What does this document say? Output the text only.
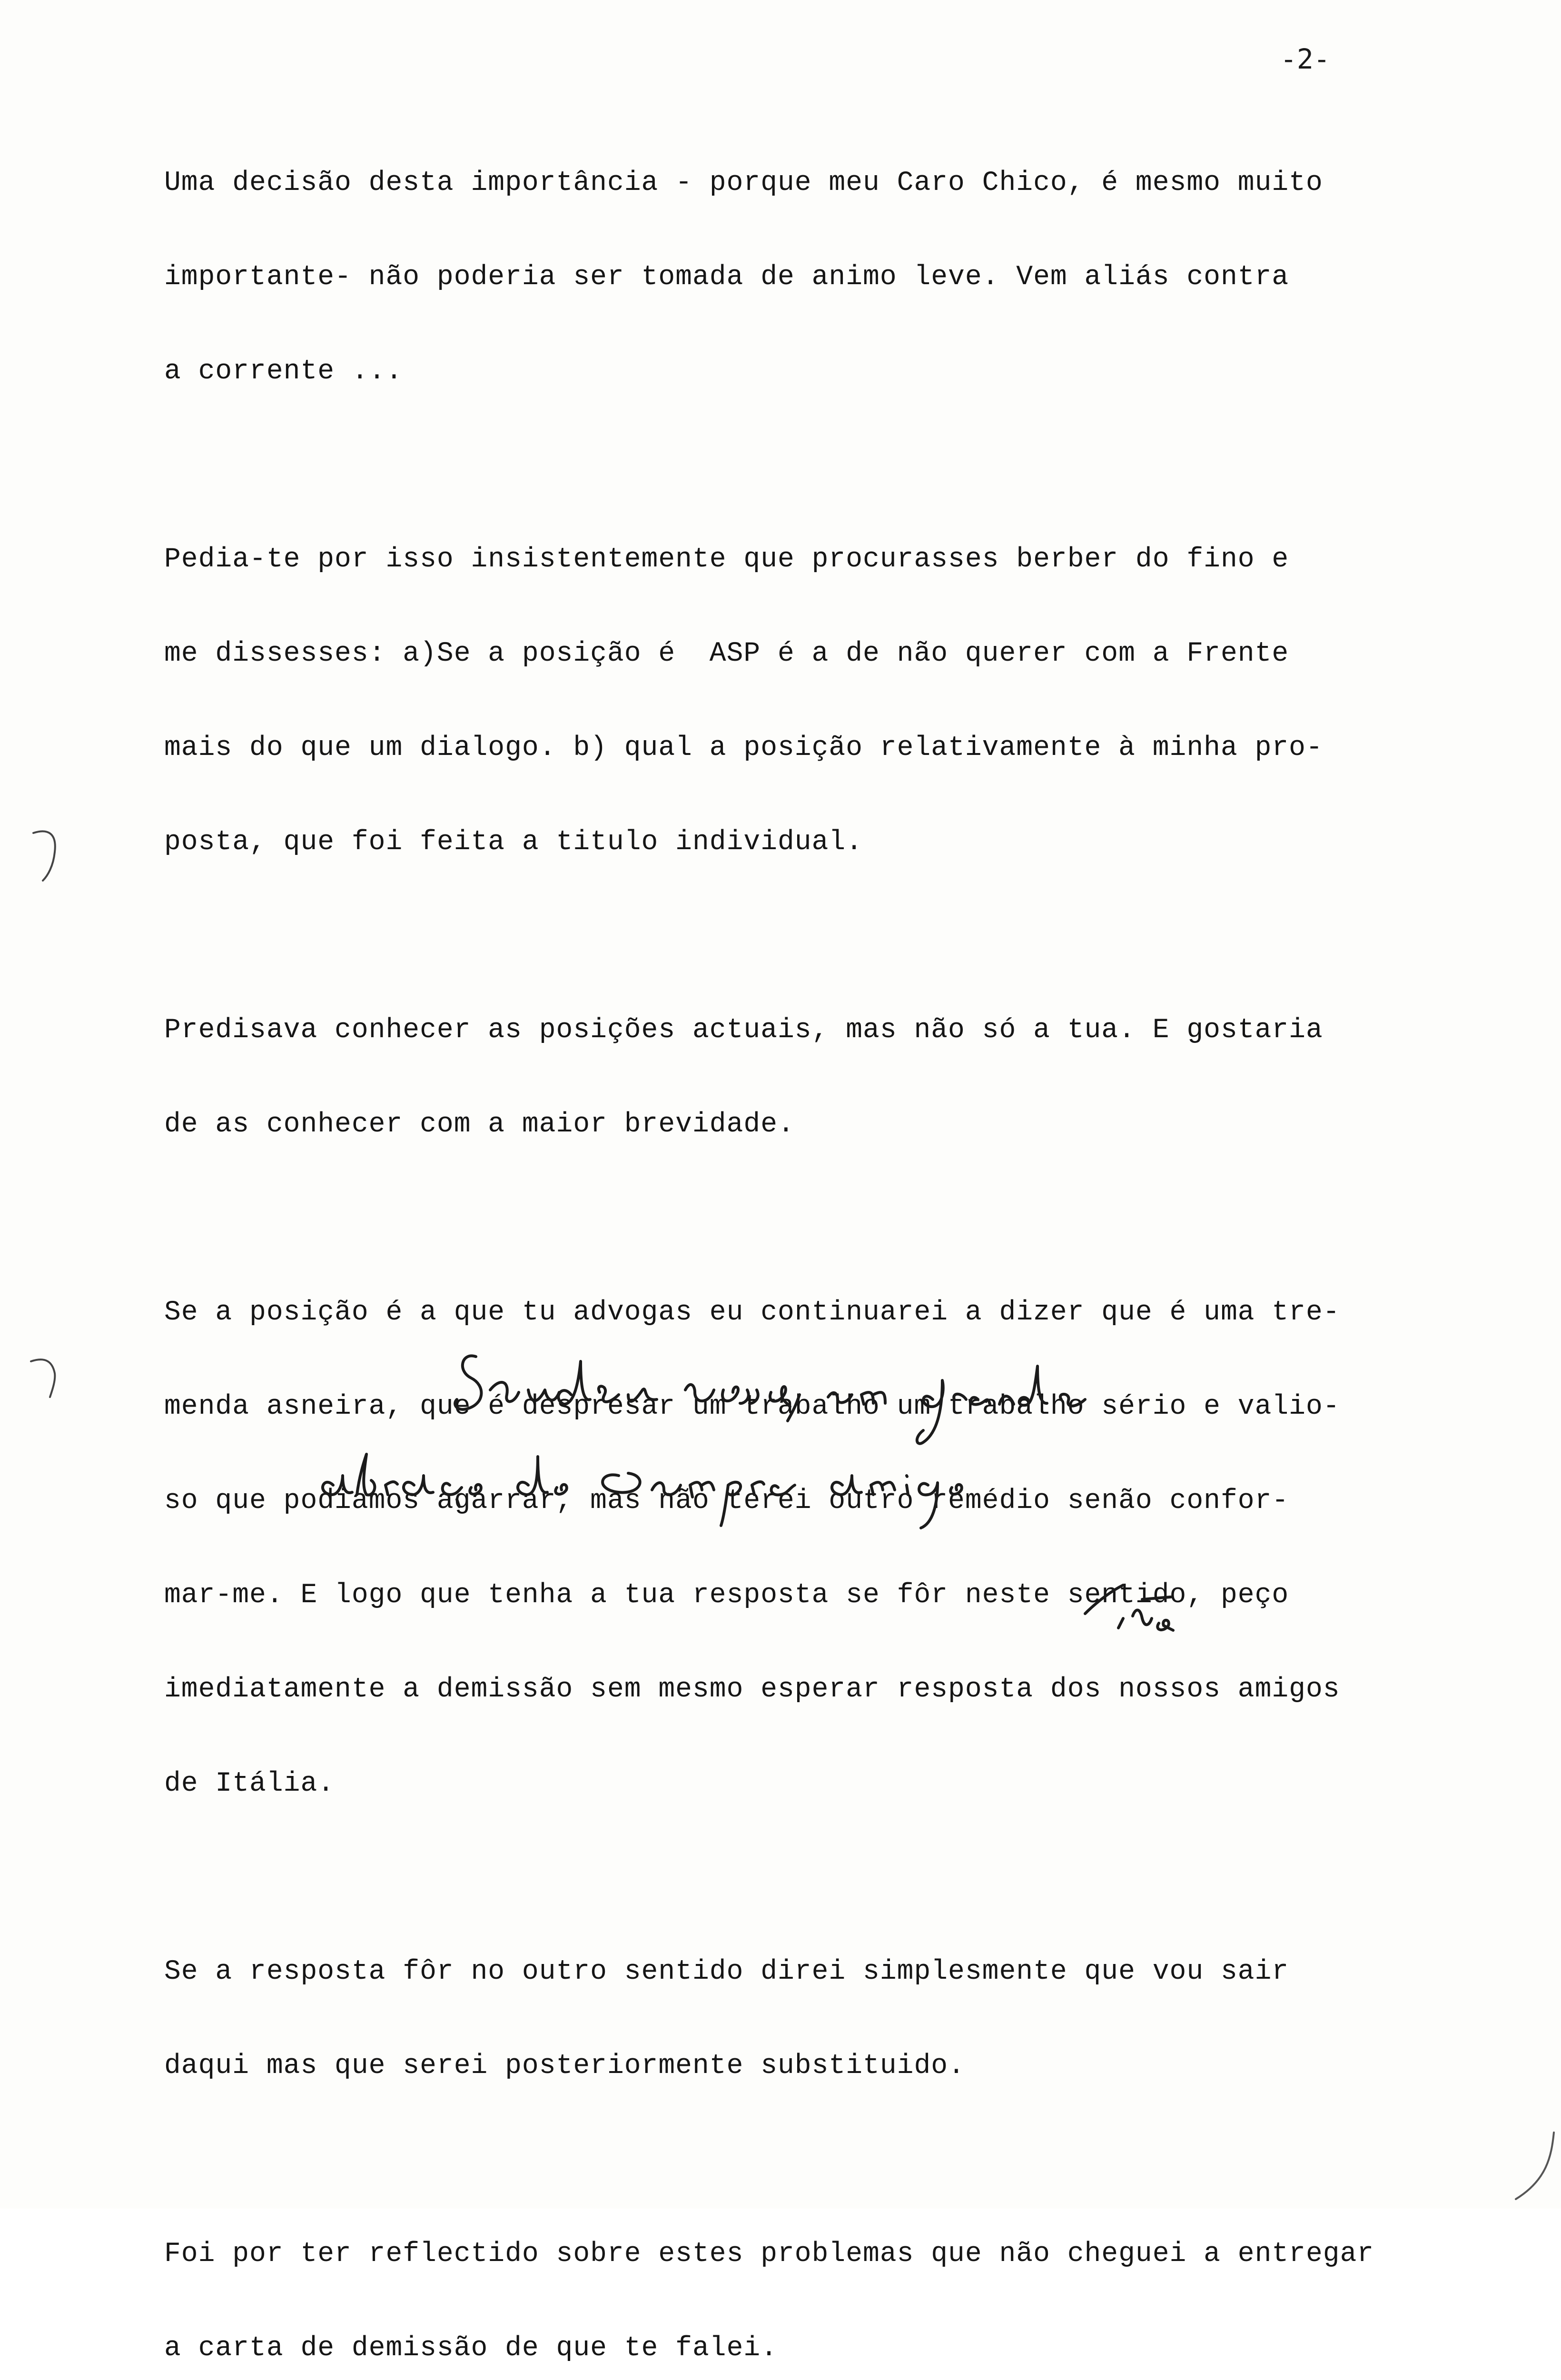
-2-

Uma decisão desta importância - porque meu Caro Chico, é mesmo muito

importante- não poderia ser tomada de animo leve. Vem aliás contra

a corrente ...

Pedia-te por isso insistentemente que procurasses berber do fino e

me dissesses: a)Se a posição é  ASP é a de não querer com a Frente

mais do que um dialogo. b) qual a posição relativamente à minha pro-

posta, que foi feita a titulo individual.

Predisava conhecer as posições actuais, mas não só a tua. E gostaria

de as conhecer com a maior brevidade.

Se a posição é a que tu advogas eu continuarei a dizer que é uma tre-

menda asneira, que é despresar um trabalho um trabalho sério e valio-

so que podiamos agarrar, mas não terei outro remédio senão confor-

mar-me. E logo que tenha a tua resposta se fôr neste sentido, peço

imediatamente a demissão sem mesmo esperar resposta dos nossos amigos

de Itália.

Se a resposta fôr no outro sentido direi simplesmente que vou sair

daqui mas que serei posteriormente substituido.

Foi por ter reflectido sobre estes problemas que não cheguei a entregar

a carta de demissão de que te falei.
